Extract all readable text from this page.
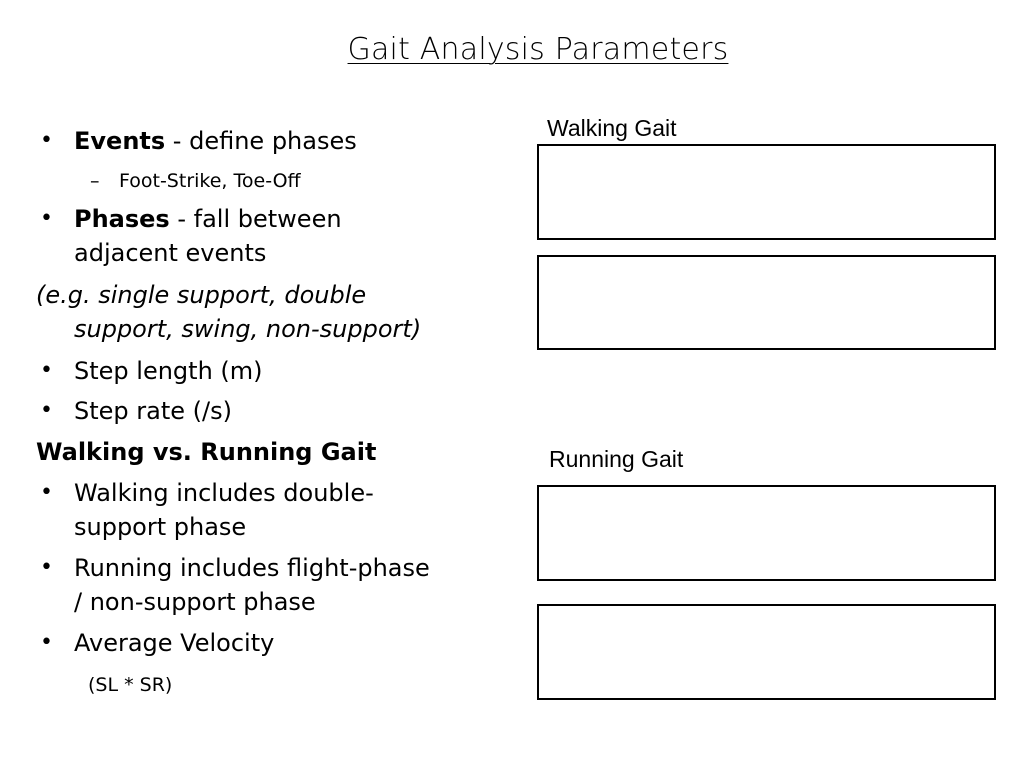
Gait Analysis Parameters
• Events - define phases
– Foot-Strike, Toe-Off
• Phases - fall between
adjacent events
(e.g. single support, double
support, swing, non-support)
• Step length (m)
• Step rate (/s)
Walking vs. Running Gait
• Walking includes double-
support phase
• Running includes flight-phase
/ non-support phase
• Average Velocity
(SL * SR)
Walking Gait
Running Gait
